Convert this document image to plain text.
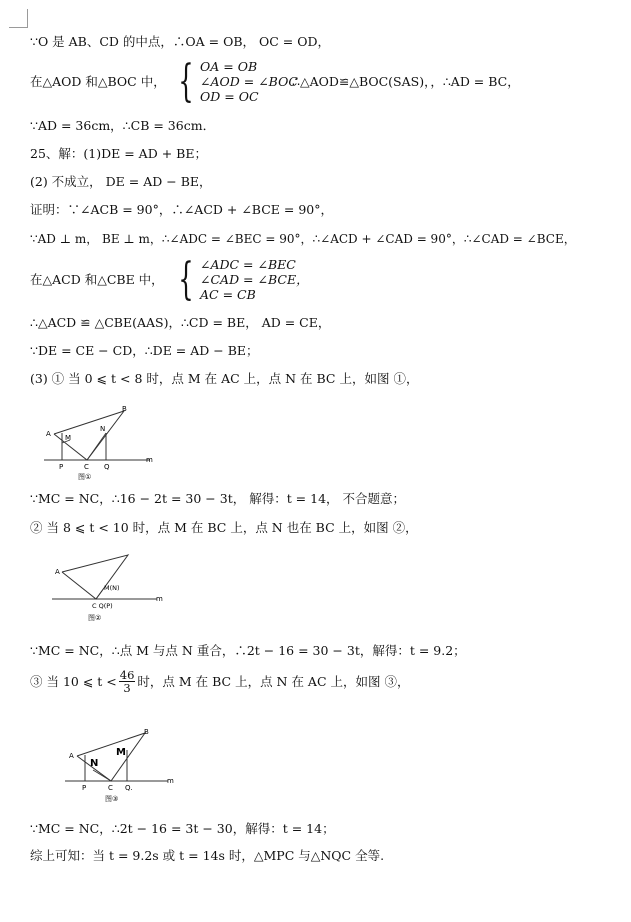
∵O 是 AB、CD 的中点，∴OA = OB， OC = OD，
在△AOD 和△BOC 中， { OA = OB
∠AOD = ∠BOC
OD = OC
∴△AOD≌△BOC(SAS)，，∴AD = BC，
∵AD = 36cm，∴CB = 36cm．
25、解：(1)DE = AD + BE；
(2) 不成立， DE = AD − BE，
证明：∵∠ACB = 90°，∴∠ACD + ∠BCE = 90°，
∵AD ⊥ m， BE ⊥ m，∴∠ADC = ∠BEC = 90°，∴∠ACD + ∠CAD = 90°，∴∠CAD = ∠BCE，
在△ACD 和△CBE 中， { ∠ADC = ∠BEC
∠CAD = ∠BCE，
AC = CB
∴△ACD ≌ △CBE(AAS)，∴CD = BE， AD = CE，
∵DE = CE − CD，∴DE = AD − BE；
(3) ① 当 0 ⩽ t < 8 时，点 M 在 AC 上，点 N 在 BC 上，如图 ①，
A M
N
B
P	C Q
m
图①
∵MC = NC，∴16 − 2t = 30 − 3t， 解得：t = 14， 不合题意；
② 当 8 ⩽ t < 10 时，点 M 在 BC 上，点 N 也在 BC 上，如图 ②，
A
M(N)
C Q(P)
m
图②
∵MC = NC，∴点 M 与点 N 重合，∴2t − 16 = 30 − 3t，解得：t = 9.2；
③ 当 10 ⩽ $t < \frac{46}{3}$ 时，点 M 在 BC 上，点 N 在 AC 上，如图 ③，
A
N
M
B
P	C Q.
m
图③
∵MC = NC，∴2t − 16 = 3t − 30，解得：t = 14；
综上可知：当 t = 9.2s 或 t = 14s 时，△MPC 与△NQC 全等.
